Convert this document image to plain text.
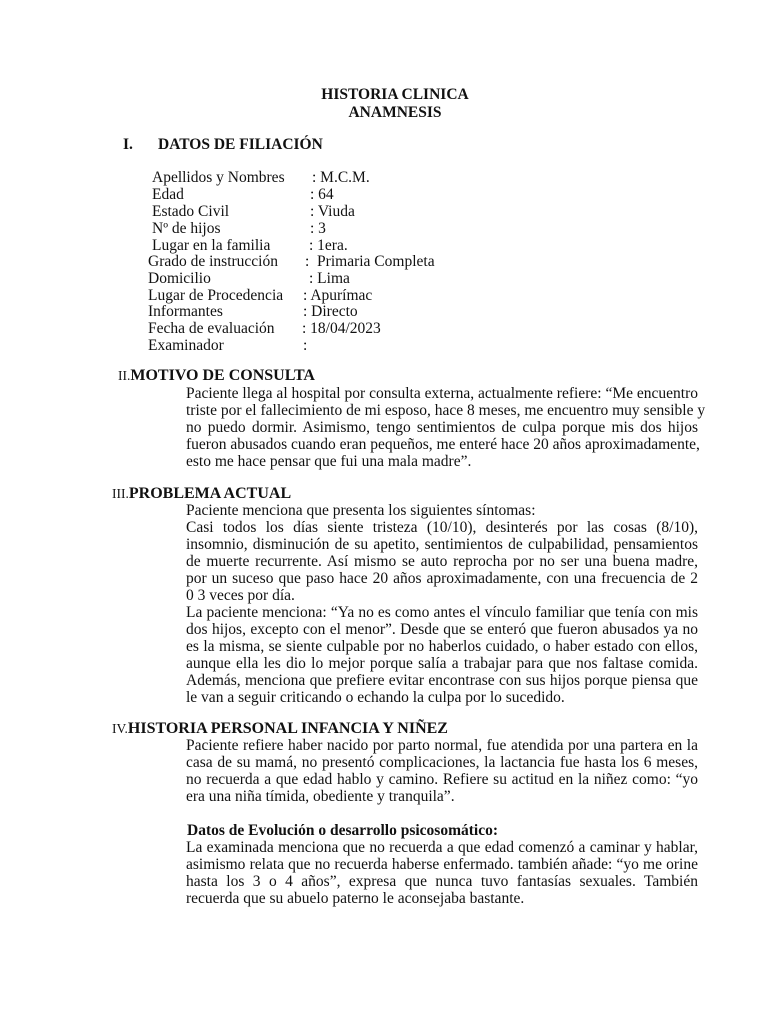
HISTORIA CLINICA
ANAMNESIS
I. DATOS DE FILIACIÓN
Apellidos y Nombres : M.C.M.
Edad	: 64
Estado Civil	: Viuda
Nº de hijos	: 3
Lugar en la familia : 1era.
Grado de instrucción :  Primaria Completa
Domicilio	: Lima
Lugar de Procedencia : Apurímac
Informantes	: Directo
Fecha de evaluación : 18/04/2023
Examinador	:
II.MOTIVO DE CONSULTA
Paciente llega al hospital por consulta externa, actualmente refiere: “Me encuentro
triste por el fallecimiento de mi esposo, hace 8 meses, me encuentro muy sensible y
no puedo dormir. Asimismo, tengo sentimientos de culpa porque mis dos hijos
fueron abusados cuando eran pequeños, me enteré hace 20 años aproximadamente,
esto me hace pensar que fui una mala madre”.
III.PROBLEMA ACTUAL
Paciente menciona que presenta los siguientes síntomas:
Casi todos los días siente tristeza (10/10), desinterés por las cosas (8/10),
insomnio, disminución de su apetito, sentimientos de culpabilidad, pensamientos
de muerte recurrente. Así mismo se auto reprocha por no ser una buena madre,
por un suceso que paso hace 20 años aproximadamente, con una frecuencia de 2
0 3 veces por día.
La paciente menciona: “Ya no es como antes el vínculo familiar que tenía con mis
dos hijos, excepto con el menor”. Desde que se enteró que fueron abusados ya no
es la misma, se siente culpable por no haberlos cuidado, o haber estado con ellos,
aunque ella les dio lo mejor porque salía a trabajar para que nos faltase comida.
Además, menciona que prefiere evitar encontrase con sus hijos porque piensa que
le van a seguir criticando o echando la culpa por lo sucedido.
IV.HISTORIA PERSONAL INFANCIA Y NIÑEZ
Paciente refiere haber nacido por parto normal, fue atendida por una partera en la
casa de su mamá, no presentó complicaciones, la lactancia fue hasta los 6 meses,
no recuerda a que edad hablo y camino. Refiere su actitud en la niñez como: “yo
era una niña tímida, obediente y tranquila”.
Datos de Evolución o desarrollo psicosomático:
La examinada menciona que no recuerda a que edad comenzó a caminar y hablar,
asimismo relata que no recuerda haberse enfermado. también añade: “yo me orine
hasta los 3 o 4 años”, expresa que nunca tuvo fantasías sexuales. También
recuerda que su abuelo paterno le aconsejaba bastante.
